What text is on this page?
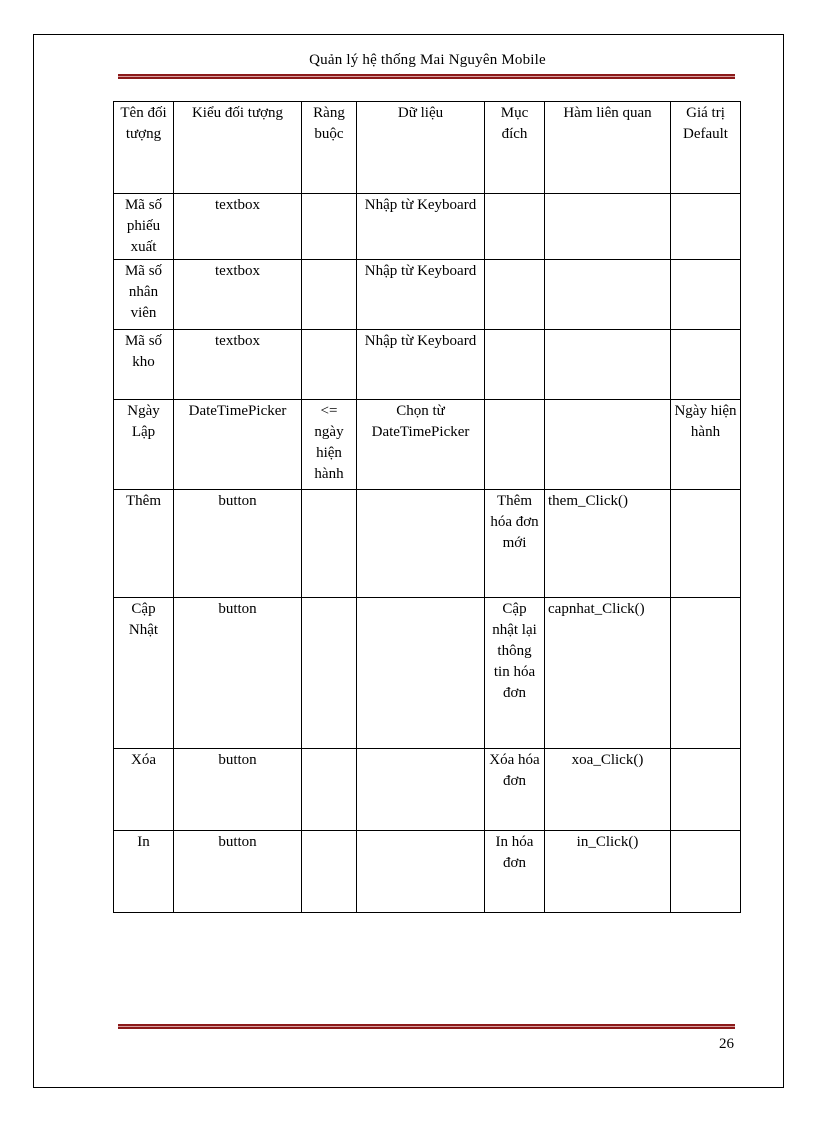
Quản lý hệ thống Mai Nguyên Mobile
Tên đối tượng	Kiểu đối tượng	Ràng buộc	Dữ liệu	Mục đích	Hàm liên quan	Giá trị Default
Mã số phiếu xuất	textbox		Nhập từ Keyboard			
Mã số nhân viên	textbox		Nhập từ Keyboard			
Mã số kho	textbox		Nhập từ Keyboard			
Ngày Lập	DateTimePicker	<= ngày hiện hành	Chọn từ DateTimePicker			Ngày hiện hành
Thêm	button			Thêm hóa đơn mới	them_Click()	
Cập Nhật	button			Cập nhật lại thông tin hóa đơn	capnhat_Click()	
Xóa	button			Xóa hóa đơn	xoa_Click()	
In	button			In hóa đơn	in_Click()	
26
